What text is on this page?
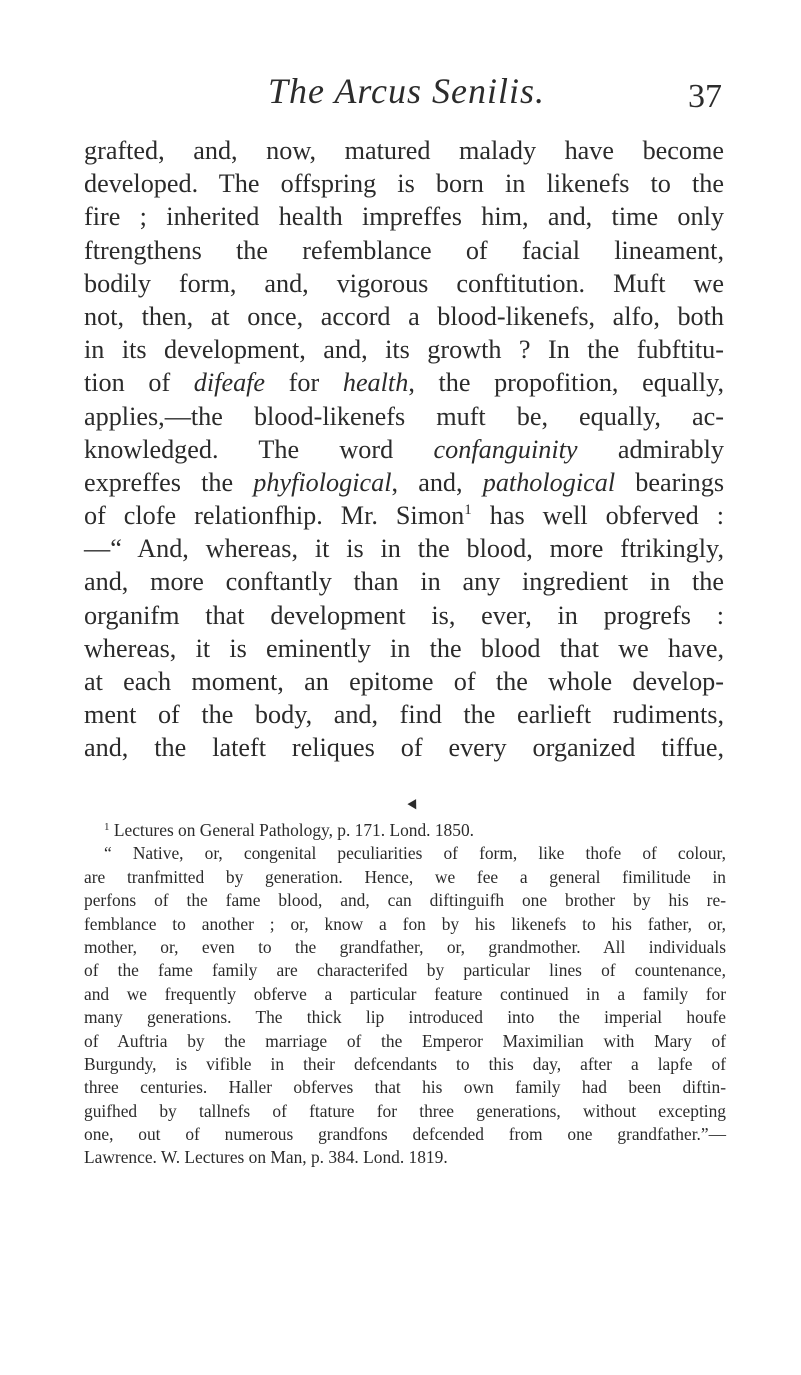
The Arcus Senilis.	37
grafted, and, now, matured malady have become
developed. The offspring is born in likenefs to the
fire ; inherited health impreffes him, and, time only
ftrengthens the refemblance of facial lineament,
bodily form, and, vigorous conftitution. Muft we
not, then, at once, accord a blood-likenefs, alfo, both
in its development, and, its growth ? In the fubftitu-
tion of difeafe for health, the propofition, equally,
applies,—the blood-likenefs muft be, equally, ac-
knowledged. The word confanguinity admirably
expreffes the phyfiological, and, pathological bearings
of clofe relationfhip. Mr. Simon$^1$ has well obferved :
—“ And, whereas, it is in the blood, more ftrikingly,
and, more conftantly than in any ingredient in the
organifm that development is, ever, in progrefs :
whereas, it is eminently in the blood that we have,
at each moment, an epitome of the whole develop-
ment of the body, and, find the earlieft rudiments,
and, the lateft reliques of every organized tiffue,
$^1$ Lectures on General Pathology, p. 171. Lond. 1850.
“ Native, or, congenital peculiarities of form, like thofe of colour,
are tranfmitted by generation. Hence, we fee a general fimilitude in
perfons of the fame blood, and, can diftinguifh one brother by his re-
femblance to another ; or, know a fon by his likenefs to his father, or,
mother, or, even to the grandfather, or, grandmother. All individuals
of the fame family are characterifed by particular lines of countenance,
and we frequently obferve a particular feature continued in a family for
many generations. The thick lip introduced into the imperial houfe
of Auftria by the marriage of the Emperor Maximilian with Mary of
Burgundy, is vifible in their defcendants to this day, after a lapfe of
three centuries. Haller obferves that his own family had been diftin-
guifhed by tallnefs of ftature for three generations, without excepting
one, out of numerous grandfons defcended from one grandfather.”—
Lawrence. W. Lectures on Man, p. 384. Lond. 1819.
